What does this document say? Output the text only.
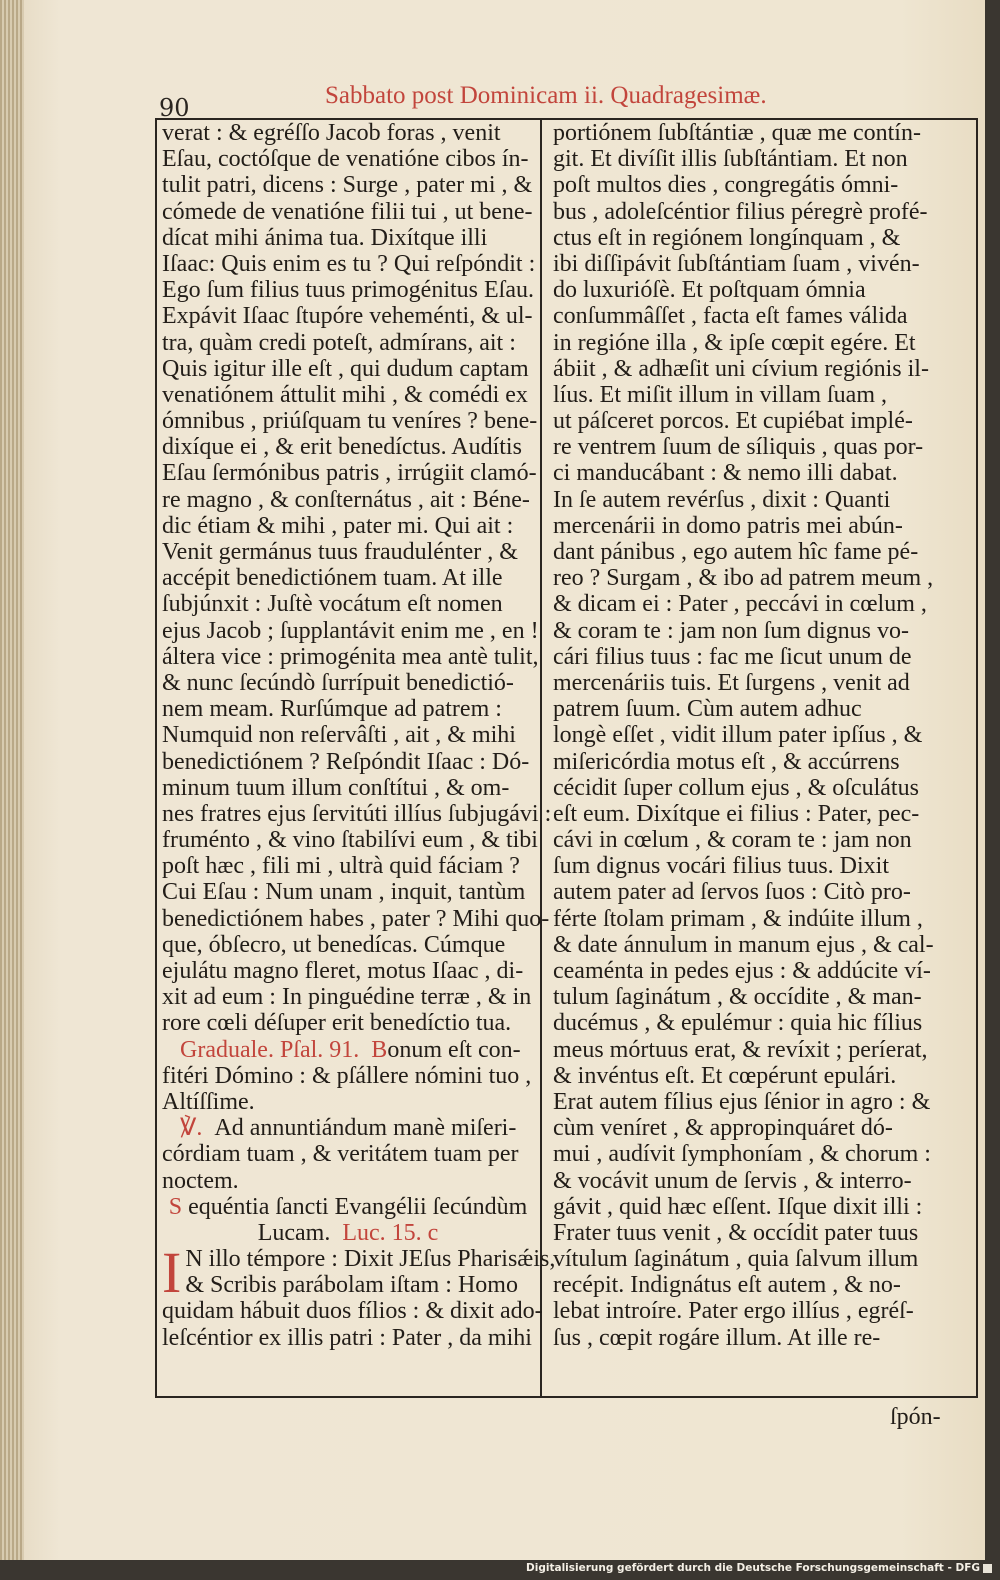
90	Sabbato post Dominicam ii. Quadragesimæ.
verat : & egréſſo Jacob foras , venit
Eſau, coctóſque de venatióne cibos ín-
tulit patri, dicens : Surge , pater mi , &
cómede de venatióne filii tui , ut bene-
dícat mihi ánima tua. Dixítque illi
Iſaac: Quis enim es tu ? Qui reſpóndit :
Ego ſum filius tuus primogénitus Eſau.
Expávit Iſaac ſtupóre veheménti, & ul-
tra, quàm credi poteſt, admírans, ait :
Quis igitur ille eſt , qui dudum captam
venatiónem áttulit mihi , & comédi ex
ómnibus , priúſquam tu veníres ? bene-
dixíque ei , & erit benedíctus. Audítis
Eſau ſermónibus patris , irrúgiit clamó-
re magno , & conſternátus , ait : Béne-
dic étiam & mihi , pater mi. Qui ait :
Venit germánus tuus fraudulénter , &
accépit benedictiónem tuam. At ille
ſubjúnxit : Juſtè vocátum eſt nomen
ejus Jacob ; ſupplantávit enim me , en !
áltera vice : primogénita mea antè tulit,
& nunc ſecúndò ſurrípuit benedictió-
nem meam. Rurſúmque ad patrem :
Numquid non reſervâſti , ait , & mihi
benedictiónem ? Reſpóndit Iſaac : Dó-
minum tuum illum conſtítui , & om-
nes fratres ejus ſervitúti illíus ſubjugávi :
fruménto , & vino ſtabilívi eum , & tibi
poſt hæc , fili mi , ultrà quid fáciam ?
Cui Eſau : Num unam , inquit, tantùm
benedictiónem habes , pater ? Mihi quo-
que, óbſecro, ut benedícas. Cúmque
ejulátu magno fleret, motus Iſaac , di-
xit ad eum : In pinguédine terræ , & in
rore cœli déſuper erit benedíctio tua.
Graduale. Pſal. 91. Bonum eſt con-
fitéri Dómino : & pſállere nómini tuo ,
Altíſſime.
℣. Ad annuntiándum manè miſeri-
córdiam tuam , & veritátem tuam per
noctem.
S equéntia ſancti Evangélii ſecúndùm
Lucam. Luc. 15. c
I N illo témpore : Dixit JEſus Pharisǽis,
& Scribis parábolam iſtam : Homo
quidam hábuit duos fílios : & dixit ado-
leſcéntior ex illis patri : Pater , da mihi
portiónem ſubſtántiæ , quæ me contín-
git. Et divíſit illis ſubſtántiam. Et non
poſt multos dies , congregátis ómni-
bus , adoleſcéntior filius péregrè profé-
ctus eſt in regiónem longínquam , &
ibi diſſipávit ſubſtántiam ſuam , vivén-
do luxurióſè. Et poſtquam ómnia
conſummâſſet , facta eſt fames válida
in regióne illa , & ipſe cœpit egére. Et
ábiit , & adhæſit uni cívium regiónis il-
líus. Et miſit illum in villam ſuam ,
ut páſceret porcos. Et cupiébat implé-
re ventrem ſuum de síliquis , quas por-
ci manducábant : & nemo illi dabat.
In ſe autem revérſus , dixit : Quanti
mercenárii in domo patris mei abún-
dant pánibus , ego autem hîc fame pé-
reo ? Surgam , & ibo ad patrem meum ,
& dicam ei : Pater , peccávi in cœlum ,
& coram te : jam non ſum dignus vo-
cári filius tuus : fac me ſicut unum de
mercenáriis tuis. Et ſurgens , venit ad
patrem ſuum. Cùm autem adhuc
longè eſſet , vidit illum pater ipſíus , &
miſericórdia motus eſt , & accúrrens
cécidit ſuper collum ejus , & oſculátus
eſt eum. Dixítque ei filius : Pater, pec-
cávi in cœlum , & coram te : jam non
ſum dignus vocári filius tuus. Dixit
autem pater ad ſervos ſuos : Citò pro-
férte ſtolam primam , & indúite illum ,
& date ánnulum in manum ejus , & cal-
ceaménta in pedes ejus : & addúcite ví-
tulum ſaginátum , & occídite , & man-
ducémus , & epulémur : quia hic fílius
meus mórtuus erat, & revíxit ; períerat,
& invéntus eſt. Et cœpérunt epulári.
Erat autem fílius ejus ſénior in agro : &
cùm veníret , & appropinquáret dó-
mui , audívit ſymphoníam , & chorum :
& vocávit unum de ſervis , & interro-
gávit , quid hæc eſſent. Iſque dixit illi :
Frater tuus venit , & occídit pater tuus
vítulum ſaginátum , quia ſalvum illum
recépit. Indignátus eſt autem , & no-
lebat introíre. Pater ergo illíus , egréſ-
ſus , cœpit rogáre illum. At ille re-
ſpón-
Digitalisierung gefördert durch die Deutsche Forschungsgemeinschaft - DFG
